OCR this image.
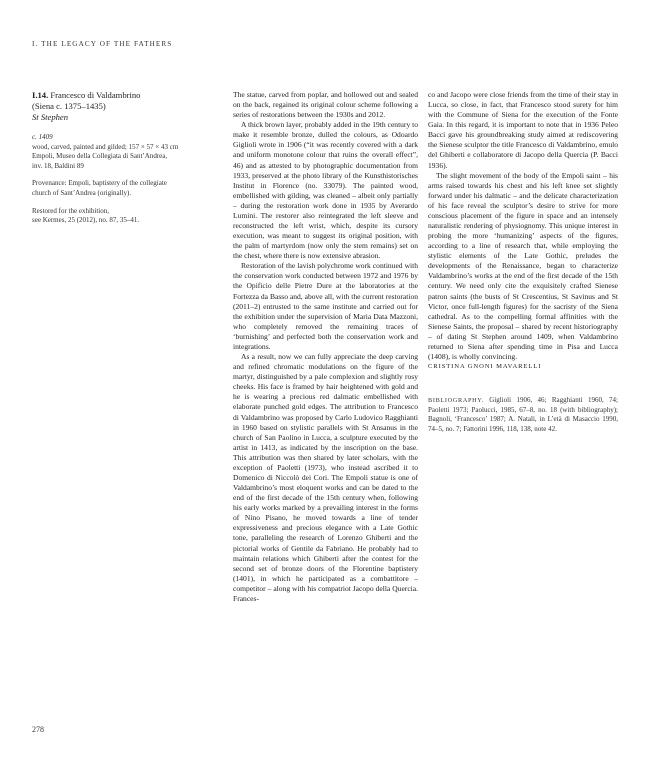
I. THE LEGACY OF THE FATHERS
I.14. Francesco di Valdambrino
(Siena c. 1375–1435)
St Stephen
c. 1409
wood, carved, painted and gilded; 157 × 57 × 43 cm
Empoli, Museo della Collegiata di Sant’Andrea,
inv. 18, Baldini 89
Provenance: Empoli, baptistery of the collegiate
church of Sant’Andrea (originally).
Restored for the exhibition,
see Kermes, 25 (2012), no. 87, 35–41.

The statue, carved from poplar, and hollowed out and sealed on the back, regained its original colour scheme following a series of restorations between the 1930s and 2012.

A thick brown layer, probably added in the 19th century to make it resemble bronze, dulled the colours, as Odoardo Giglioli wrote in 1906 (“it was recently covered with a dark and uniform monotone colour that ruins the overall effect”, 46) and as attested to by photographic documentation from 1933, preserved at the photo library of the Kunsthistorisches Institut in Florence (no. 33079). The painted wood, embellished with gilding, was cleaned – albeit only partially – during the restoration work done in 1935 by Averardo Lumini. The restorer also reintegrated the left sleeve and reconstructed the left wrist, which, despite its cursory execution, was meant to suggest its original position, with the palm of martyrdom (now only the stem remains) set on the chest, where there is now extensive abrasion.

Restoration of the lavish polychrome work continued with the conservation work conducted between 1972 and 1976 by the Opificio delle Pietre Dure at the laboratories at the Fortezza da Basso and, above all, with the current restoration (2011–2) entrusted to the same institute and carried out for the exhibition under the supervision of Maria Data Mazzoni, who completely removed the remaining traces of ‘burnishing’ and perfected both the conservation work and integrations.

As a result, now we can fully appreciate the deep carving and refined chromatic modulations on the figure of the martyr, distinguished by a pale complexion and slightly rosy cheeks. His face is framed by hair heightened with gold and he is wearing a precious red dalmatic embellished with elaborate punched gold edges. The attribution to Francesco di Valdambrino was proposed by Carlo Ludovico Ragghianti in 1960 based on stylistic parallels with St Ansanus in the church of San Paolino in Lucca, a sculpture executed by the artist in 1413, as indicated by the inscription on the base. This attribution was then shared by later scholars, with the exception of Paoletti (1973), who instead ascribed it to Domenico di Niccolò dei Cori. The Empoli statue is one of Valdambrino’s most eloquent works and can be dated to the end of the first decade of the 15th century when, following his early works marked by a prevailing interest in the forms of Nino Pisano, he moved towards a line of tender expressiveness and precious elegance with a Late Gothic tone, paralleling the research of Lorenzo Ghiberti and the pictorial works of Gentile da Fabriano. He probably had to maintain relations which Ghiberti after the contest for the second set of bronze doors of the Florentine baptistery (1401), in which he participated as a combattitore – competitor – along with his compatriot Jacopo della Quercia. Frances-

co and Jacopo were close friends from the time of their stay in Lucca, so close, in fact, that Francesco stood surety for him with the Commune of Siena for the execution of the Fonte Gaia. In this regard, it is important to note that in 1936 Peleo Bacci gave his groundbreaking study aimed at rediscovering the Sienese sculptor the title Francesco di Valdambrino, emulo del Ghiberti e collaboratore di Jacopo della Quercia (P. Bacci 1936).

The slight movement of the body of the Empoli saint – his arms raised towards his chest and his left knee set slightly forward under his dalmatic – and the delicate characterization of his face reveal the sculptor’s desire to strive for more conscious placement of the figure in space and an intensely naturalistic rendering of physiognomy. This unique interest in probing the more ‘humanizing’ aspects of the figures, according to a line of research that, while employing the stylistic elements of the Late Gothic, preludes the developments of the Renaissance, began to characterize Valdambrino’s works at the end of the first decade of the 15th century. We need only cite the exquisitely crafted Sienese patron saints (the busts of St Crescentius, St Savinus and St Victor, once full-length figures) for the sacristy of the Siena cathedral. As to the compelling formal affinities with the Sienese Saints, the proposal – shared by recent historiography – of dating St Stephen around 1409, when Valdambrino returned to Siena after spending time in Pisa and Lucca (1408), is wholly convincing.

CRISTINA GNONI MAVARELLI
BIBLIOGRAPHY. Giglioli 1906, 46; Ragghianti 1960, 74; Paoletti 1973; Paolucci, 1985, 67–8, no. 18 (with bibliography); Bagnoli, ‘Francesco’ 1987; A. Natali, in L’età di Masaccio 1990, 74–5, no. 7; Fattorini 1996, 118, 138, note 42.
278
